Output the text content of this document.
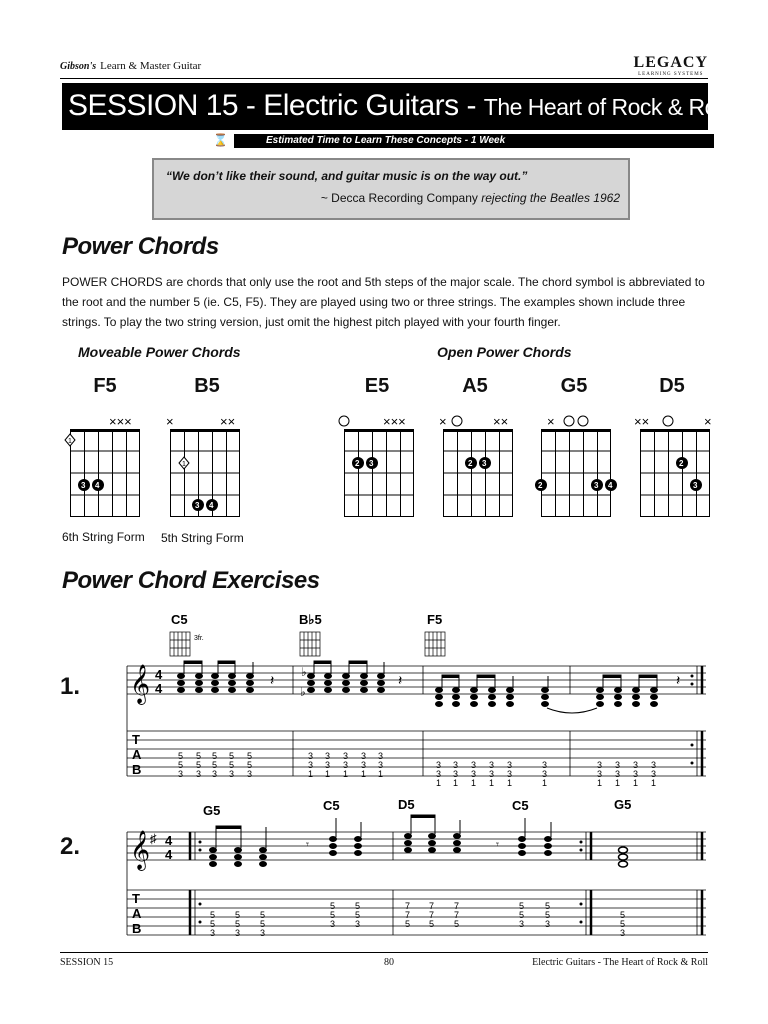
Gibson's Learn & Master Guitar	LEGACY
LEARNING SYSTEMS
SESSION 15 - Electric Guitars - The Heart of Rock & Roll
⌛	Estimated Time to Learn These Concepts - 1 Week
“We don’t like their sound, and guitar music is on the way out.”
~ Decca Recording Company rejecting the Beatles 1962
Power Chords
POWER CHORDS are chords that only use the root and 5th steps of the major scale. The chord symbol is abbreviated to the root and the number 5 (ie. C5, F5). They are played using two or three strings. The examples shown include three strings. To play the two string version, just omit the highest pitch played with your fourth finger.
Moveable Power Chords	Open Power Chords
F5	B5	E5	A5	G5	D5
×××
1
3 4
×	××
1
3 4
×××
2 3
×	××
2 3
×
2	3 4
××	×
2
3
6th String Form 5th String Form
Power Chord Exercises
1.
2.
C5	B♭5	F5
3fr.
𝄞 4
4
𝄽	𝄽	𝄽
♭
♭
T
A
B
5
5
3
5
5
3
5
5
3
5
5
3
5
5
3
3
3
1
3
3
1
3
3
1
3
3
1
3
3
1
3
3
1
3
3
1
3
3
1
3
3
1
3
3
1
3
3
1
3
3
1
3
3
1
3
3
1
3
3
1
G5	C5	D5	C5	G5
𝄞 ♯ 4
4
𝄾	𝄾
T
A
B
5
5
3
5
5
3
5
5
3
5
5
3
5
5
3
7
7
5
7
7
5
7
7
5
5
5
3
5
5
3
5
5
3
SESSION 15	80	Electric Guitars - The Heart of Rock & Roll
